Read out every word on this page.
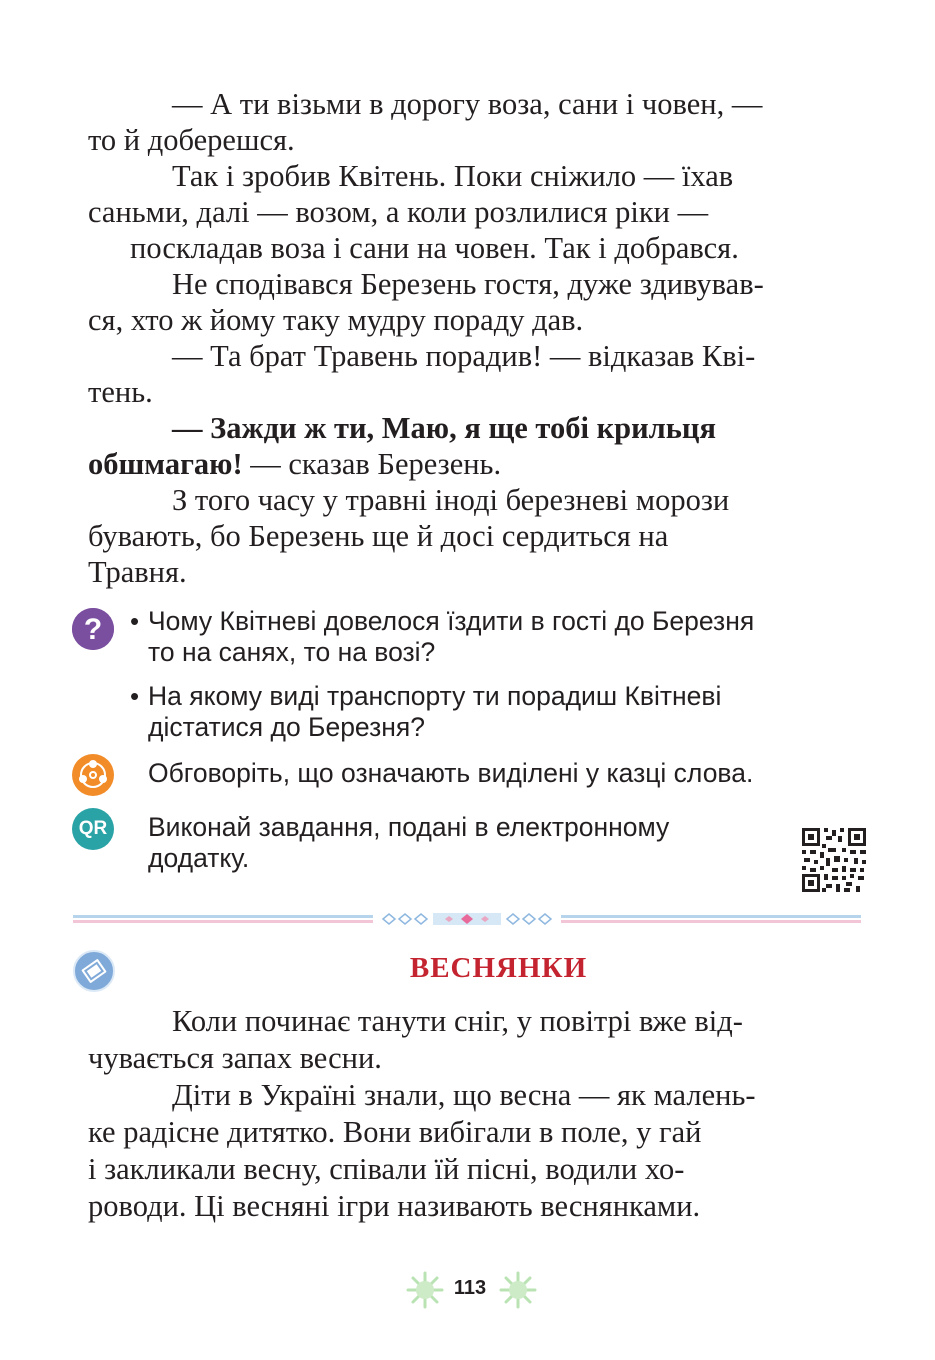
— А ти візьми в дорогу воза, сани і човен, —
то й доберешся.

Так і зробив Квітень. Поки сніжило — їхав
саньми, далі — возом, а коли розлилися ріки —
поскладав воза і сани на човен. Так і добрався.

Не сподівався Березень гостя, дуже здивував-
ся, хто ж йому таку мудру пораду дав.

— Та брат Травень порадив! — відказав Кві-
тень.

— Зажди ж ти, Маю, я ще тобі крильця
обшмагаю! — сказав Березень.

З того часу у травні іноді березневі морози
бувають, бо Березень ще й досі сердиться на
Травня.

? • Чому Квітневі довелося їздити в гості до Березня
то на санях, то на возі?
• На якому виді транспорту ти порадиш Квітневі
дістатися до Березня?
Обговоріть, що означають виділені у казці слова.
QR Виконай завдання, подані в електронному
додатку.
ВЕСНЯНКИ

Коли починає танути сніг, у повітрі вже від-
чувається запах весни.

Діти в Україні знали, що весна — як малень-
ке радісне дитятко. Вони вибігали в поле, у гай
і закликали весну, співали їй пісні, водили хо-
роводи. Ці весняні ігри називають веснянками.

113
